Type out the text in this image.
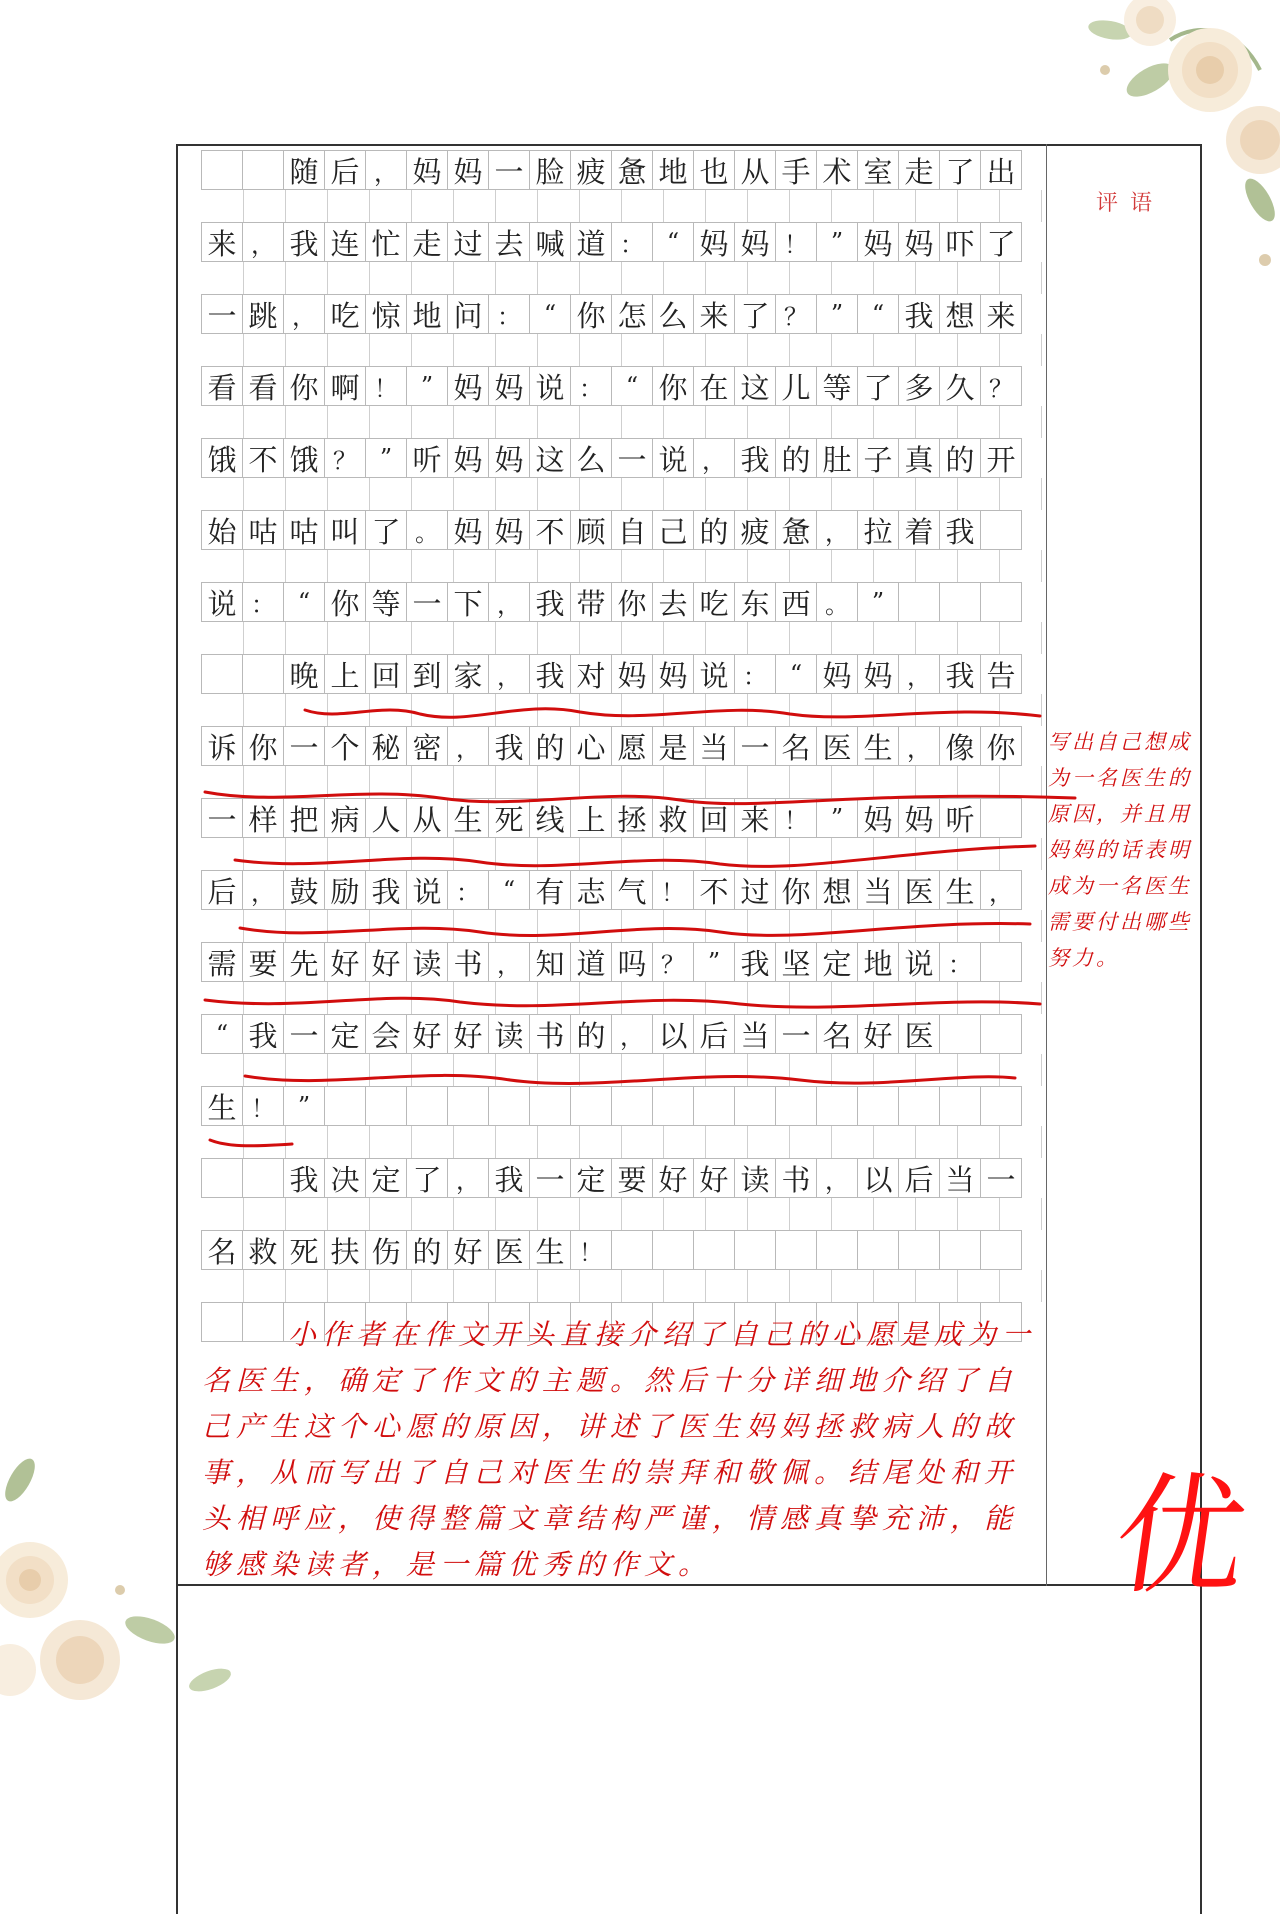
评语
随 后 ， 妈 妈 一 脸 疲 惫 地 也 从 手 术 室 走 了 出
来 ， 我 连 忙 走 过 去 喊 道 ： “ 妈 妈 ！ ” 妈 妈 吓 了
一 跳 ， 吃 惊 地 问 ： “ 你 怎 么 来 了 ？ ”	“ 我 想 来
看 看 你 啊 ！ ” 妈 妈 说 ： “ 你 在 这 儿 等 了 多 久 ？
饿 不 饿 ？ ” 听 妈 妈 这 么 一 说 ， 我 的 肚 子 真 的 开
始 咕 咕 叫 了 。 妈 妈 不 顾 自 己 的 疲 惫 ， 拉 着 我
说 ： “ 你 等 一 下 ， 我 带 你 去 吃 东 西 。 ”
晚 上 回 到 家 ， 我 对 妈 妈 说 ： “ 妈 妈 ， 我 告
诉 你 一 个 秘 密 ， 我 的 心 愿 是 当 一 名 医 生 ， 像 你
一 样 把 病 人 从 生 死 线 上 拯 救 回 来 ！ ” 妈 妈 听
后 ， 鼓 励 我 说 ： “ 有 志 气 ！ 不 过 你 想 当 医 生 ，
需 要 先 好 好 读 书 ， 知 道 吗 ？ ” 我 坚 定 地 说 ：
“ 我 一 定 会 好 好 读 书 的 ， 以 后 当 一 名 好 医
生 ！ ”
我 决 定 了 ， 我 一 定 要 好 好 读 书 ， 以 后 当 一
名 救 死 扶 伤 的 好 医 生 ！
写出自己想成为一名医生的原因，并且用妈妈的话表明成为一名医生需要付出哪些努力。
小作者在作文开头直接介绍了自己的心愿是成为一名医生，确定了作文的主题。然后十分详细地介绍了自己产生这个心愿的原因，讲述了医生妈妈拯救病人的故事，从而写出了自己对医生的崇拜和敬佩。结尾处和开头相呼应，使得整篇文章结构严谨，情感真挚充沛，能够感染读者，是一篇优秀的作文。	优
